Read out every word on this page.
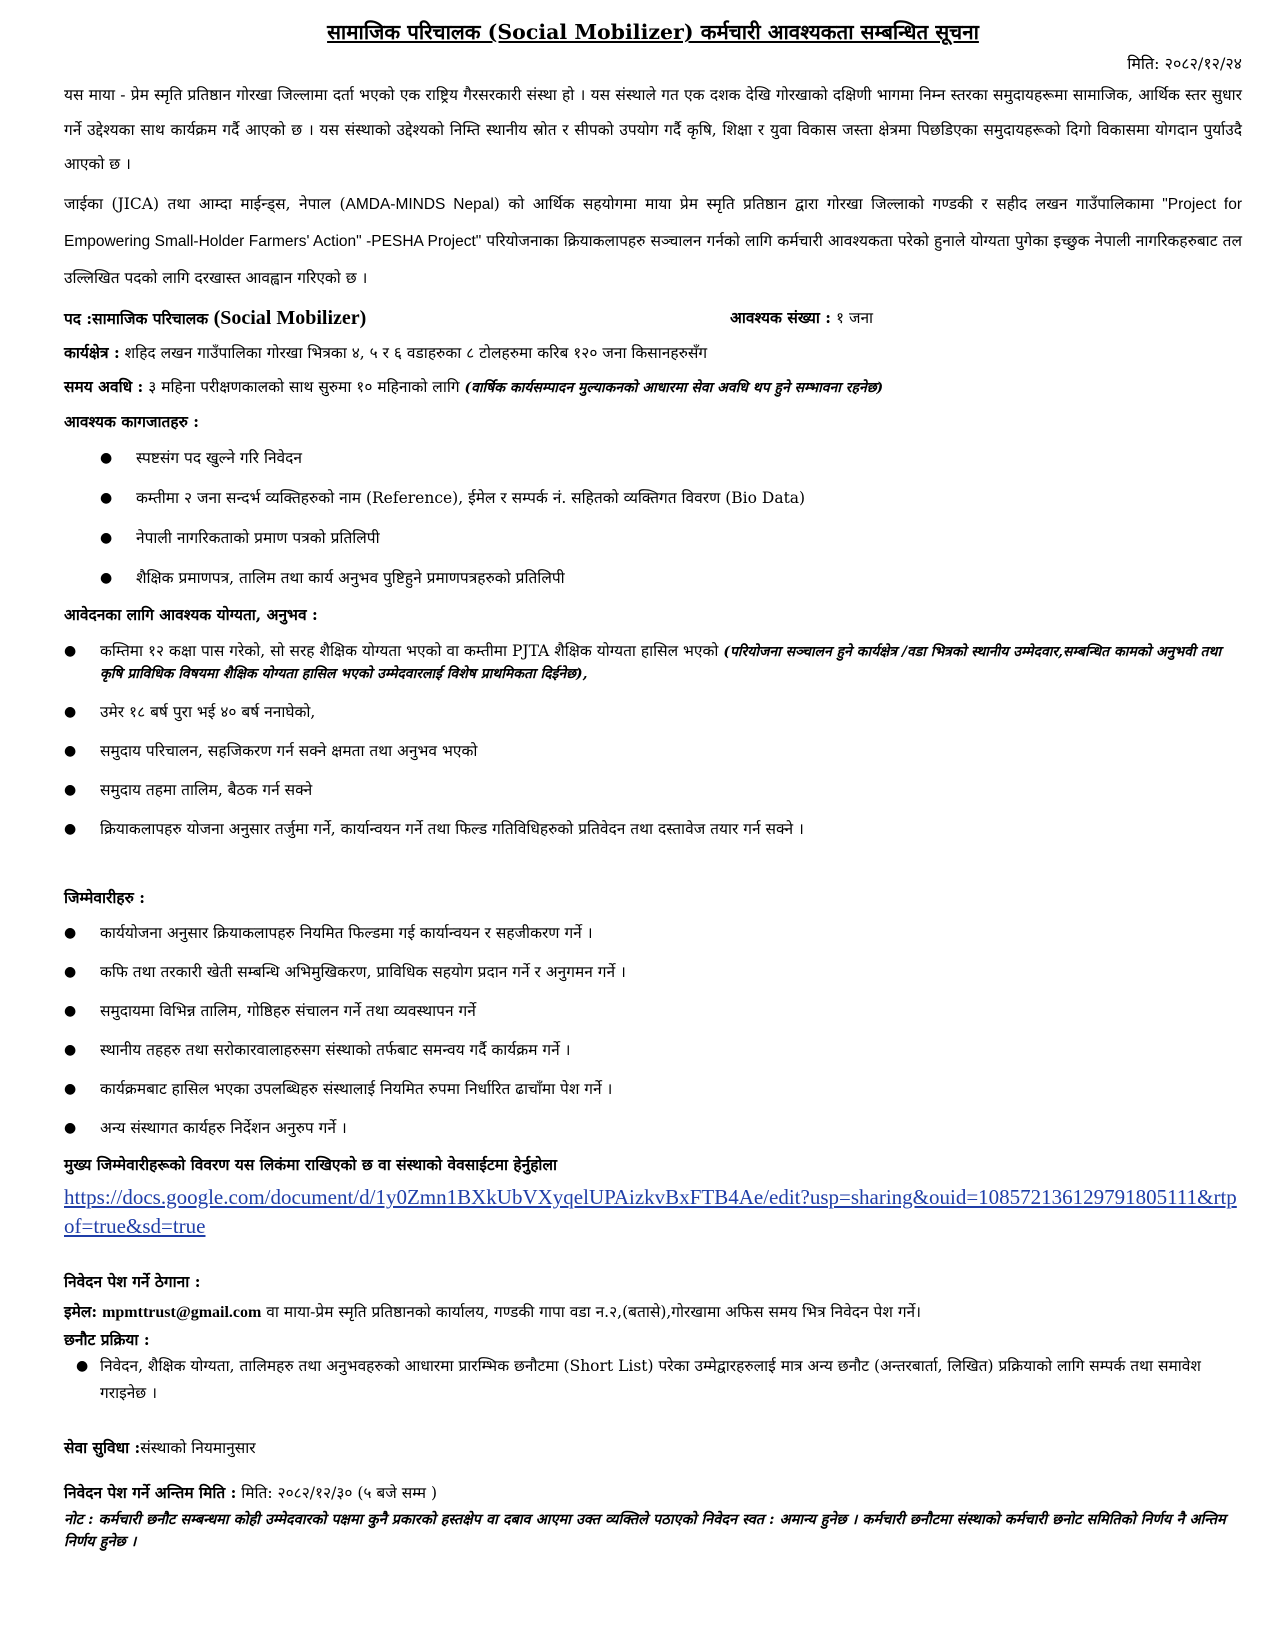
सामाजिक परिचालक (Social Mobilizer) कर्मचारी आवश्यकता सम्बन्धित सूचना
मिति: २०८२/१२/२४

यस माया - प्रेम स्मृति प्रतिष्ठान गोरखा जिल्लामा दर्ता भएको एक राष्ट्रिय गैरसरकारी संस्था हो । यस संस्थाले गत एक दशक देखि गोरखाको दक्षिणी भागमा निम्न स्तरका समुदायहरूमा सामाजिक, आर्थिक स्तर सुधार गर्ने उद्देश्यका साथ कार्यक्रम गर्दै आएको छ । यस संस्थाको उद्देश्यको निम्ति स्थानीय स्रोत र सीपको उपयोग गर्दै कृषि, शिक्षा र युवा विकास जस्ता क्षेत्रमा पिछडिएका समुदायहरूको दिगो विकासमा योगदान पुर्याउदै आएको छ ।

जाईका (JICA) तथा आम्दा माईन्ड्स, नेपाल (AMDA-MINDS Nepal) को आर्थिक सहयोगमा माया प्रेम स्मृति प्रतिष्ठान द्वारा गोरखा जिल्लाको गण्डकी र सहीद लखन गाउँपालिकामा "Project for Empowering Small-Holder Farmers' Action" -PESHA Project" परियोजनाका क्रियाकलापहरु सञ्चालन गर्नको लागि कर्मचारी आवश्यकता परेको हुनाले योग्यता पुगेका इच्छुक नेपाली नागरिकहरुबाट तल उल्लिखित पदको लागि दरखास्त आवह्वान गरिएको छ ।

पद :सामाजिक परिचालक (Social Mobilizer)	आवश्यक संख्या : १ जना
कार्यक्षेत्र : शहिद लखन गाउँपालिका गोरखा भित्रका ४, ५ र ६ वडाहरुका ८ टोलहरुमा करिब १२० जना किसानहरुसँग
समय अवधि : ३ महिना परीक्षणकालको साथ सुरुमा १० महिनाको लागि (वार्षिक कार्यसम्पादन मुल्याकनको आधारमा सेवा अवधि थप हुने सम्भावना रहनेछ)
आवश्यक कागजातहरु :
● स्पष्टसंग पद खुल्ने गरि निवेदन
● कम्तीमा २ जना सन्दर्भ व्यक्तिहरुको नाम (Reference), ईमेल र सम्पर्क नं. सहितको व्यक्तिगत विवरण (Bio Data)
● नेपाली नागरिकताको प्रमाण पत्रको प्रतिलिपी
● शैक्षिक प्रमाणपत्र, तालिम तथा कार्य अनुभव पुष्टिहुने प्रमाणपत्रहरुको प्रतिलिपी
आवेदनका लागि आवश्यक योग्यता, अनुभव :
● कम्तिमा १२ कक्षा पास गरेको, सो सरह शैक्षिक योग्यता भएको वा कम्तीमा PJTA शैक्षिक योग्यता हासिल भएको (परियोजना सञ्चालन हुने कार्यक्षेत्र /वडा भित्रको स्थानीय उम्मेदवार,सम्बन्धित कामको अनुभवी तथा कृषि प्राविधिक विषयमा शैक्षिक योग्यता हासिल भएको उम्मेदवारलाई विशेष प्राथमिकता दिईनेछ),
● उमेर १८ बर्ष पुरा भई ४० बर्ष ननाघेको,
● समुदाय परिचालन, सहजिकरण गर्न सक्ने क्षमता तथा अनुभव भएको
● समुदाय तहमा तालिम, बैठक गर्न सक्ने
● क्रियाकलापहरु योजना अनुसार तर्जुमा गर्ने, कार्यान्वयन गर्ने तथा फिल्ड गतिविधिहरुको प्रतिवेदन तथा दस्तावेज तयार गर्न सक्ने ।
जिम्मेवारीहरु :
● कार्ययोजना अनुसार क्रियाकलापहरु नियमित फिल्डमा गई कार्यान्वयन र सहजीकरण गर्ने ।
● कफि तथा तरकारी खेती सम्बन्धि अभिमुखिकरण, प्राविधिक सहयोग प्रदान गर्ने र अनुगमन गर्ने ।
● समुदायमा विभिन्न तालिम, गोष्ठिहरु संचालन गर्ने तथा व्यवस्थापन गर्ने
● स्थानीय तहहरु तथा सरोकारवालाहरुसग संस्थाको तर्फबाट समन्वय गर्दै कार्यक्रम गर्ने ।
● कार्यक्रमबाट हासिल भएका उपलब्धिहरु संस्थालाई नियमित रुपमा निर्धारित ढाचाँमा पेश गर्ने ।
● अन्य संस्थागत कार्यहरु निर्देशन अनुरुप गर्ने ।
मुख्य जिम्मेवारीहरूको विवरण यस लिकंमा राखिएको छ वा संस्थाको वेवसाईटमा हेर्नुहोला
https://docs.google.com/document/d/1y0Zmn1BXkUbVXyqelUPAizkvBxFTB4Ae/edit?usp=sharing&ouid=108572136129791805111&rtpof=true&sd=true
निवेदन पेश गर्ने ठेगाना :
इमेल: mpmttrust@gmail.com वा माया-प्रेम स्मृति प्रतिष्ठानको कार्यालय, गण्डकी गापा वडा न.२,(बतासे),गोरखामा अफिस समय भित्र निवेदन पेश गर्ने।
छनौट प्रक्रिया :
● निवेदन, शैक्षिक योग्यता, तालिमहरु तथा अनुभवहरुको आधारमा प्रारम्भिक छनौटमा (Short List) परेका उम्मेद्वारहरुलाई मात्र अन्य छनौट (अन्तरबार्ता, लिखित) प्रक्रियाको लागि सम्पर्क तथा समावेश गराइनेछ ।
सेवा सुविधा :संस्थाको नियमानुसार
निवेदन पेश गर्ने अन्तिम मिति : मिति: २०८२/१२/३० (५ बजे सम्म )
नोट : कर्मचारी छनौट सम्बन्धमा कोही उम्मेदवारको पक्षमा कुनै प्रकारको हस्तक्षेप वा दबाव आएमा उक्त व्यक्तिले पठाएको निवेदन स्वत : अमान्य हुनेछ । कर्मचारी छनौटमा संस्थाको कर्मचारी छनोट समितिको निर्णय नै अन्तिम निर्णय हुनेछ ।
